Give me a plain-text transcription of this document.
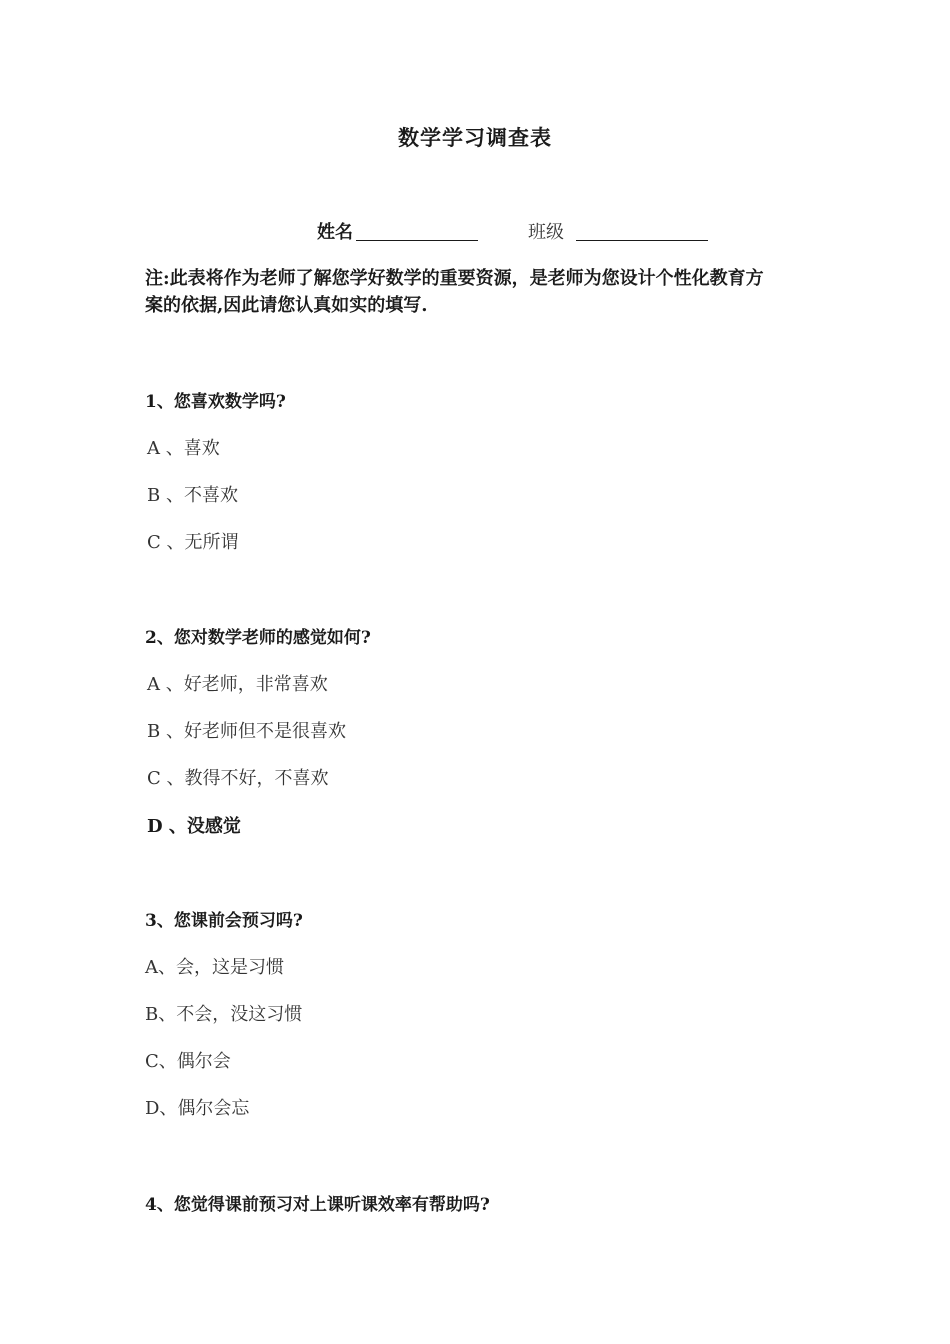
数学学习调查表
姓名	班级
注:此表将作为老师了解您学好数学的重要资源，是老师为您设计个性化教育方
案的依据,因此请您认真如实的填写.
1、您喜欢数学吗?
A 、喜欢
B 、不喜欢
C 、无所谓
2、您对数学老师的感觉如何?
A 、好老师，非常喜欢
B 、好老师但不是很喜欢
C 、教得不好，不喜欢
D 、没感觉
3、您课前会预习吗?
A、会，这是习惯
B、不会，没这习惯
C、偶尔会
D、偶尔会忘
4、您觉得课前预习对上课听课效率有帮助吗?
